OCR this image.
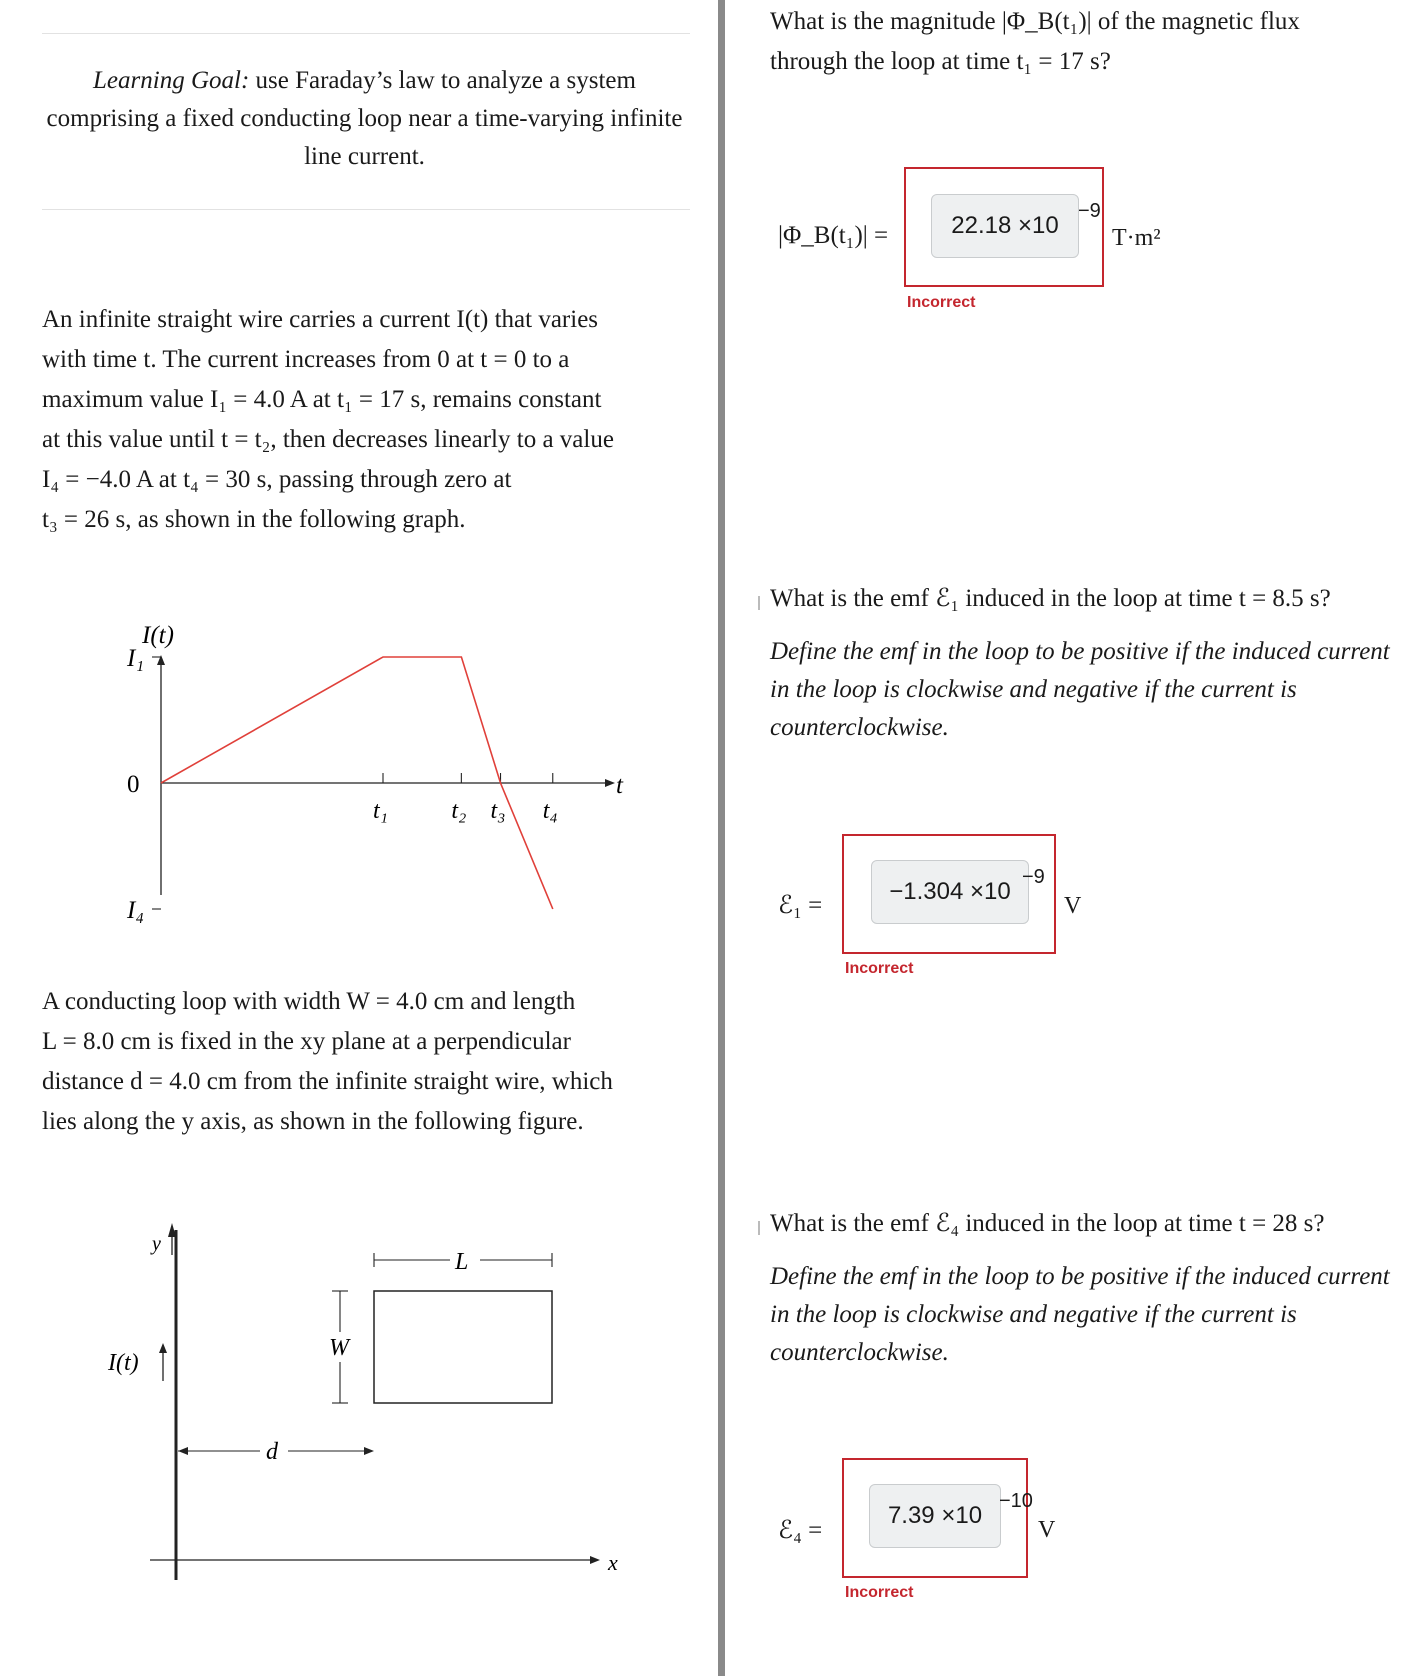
Learning Goal: use Faraday’s law to analyze a system comprising a fixed conducting loop near a time-varying infinite line current.
An infinite straight wire carries a current I(t) that varies
with time t. The current increases from 0 at t = 0 to a
maximum value I₁ = 4.0 A at t₁ = 17 s, remains constant
at this value until t = t₂, then decreases linearly to a value
I₄ = −4.0 A at t₄ = 30 s, passing through zero at
t₃ = 26 s, as shown in the following graph.
I(t)
t
t₁	t₂ t₃ t₄
I₁
0
I₄
A conducting loop with width W = 4.0 cm and length
L = 8.0 cm is fixed in the xy plane at a perpendicular
distance d = 4.0 cm from the infinite straight wire, which
lies along the y axis, as shown in the following figure.
y
x
I(t)
W
L
d
What is the magnitude |Φ_B(t₁)| of the magnetic flux
through the loop at time t₁ = 17 s?
|Φ_B(t₁)| =	22.18
×10
−9
T·m²
Incorrect
What is the emf ℰ₁ induced in the loop at time t = 8.5 s?
Define the emf in the loop to be positive if the induced current in the loop is clockwise and negative if the current is counterclockwise.
ℰ₁ =
−1.304
×10
−9
V
Incorrect
What is the emf ℰ₄ induced in the loop at time t = 28 s?
Define the emf in the loop to be positive if the induced current in the loop is clockwise and negative if the current is counterclockwise.
ℰ₄ =
7.39
×10
−10
V
Incorrect
